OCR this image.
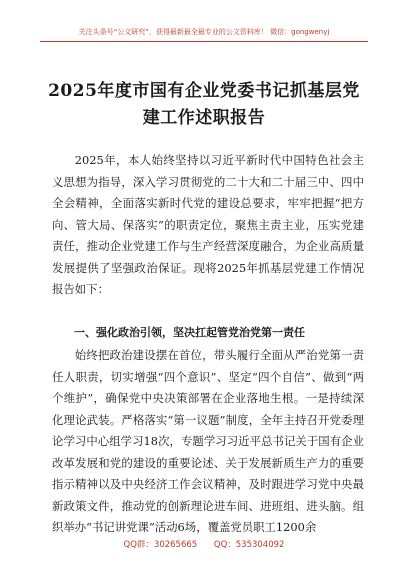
关注头条号“公文研究”，获得最新最全最专业的公文资料库！ 微信：gongwenyj
2025年度市国有企业党委书记抓基层党建工作述职报告
2025年，本人始终坚持以习近平新时代中国特色社会主义思想为指导，深入学习贯彻党的二十大和二十届三中、四中全会精神，全面落实新时代党的建设总要求，牢牢把握“把方向、管大局、保落实”的职责定位，聚焦主责主业，压实党建责任，推动企业党建工作与生产经营深度融合，为企业高质量发展提供了坚强政治保证。现将2025年抓基层党建工作情况报告如下：
一、强化政治引领，坚决扛起管党治党第一责任
始终把政治建设摆在首位，带头履行全面从严治党第一责任人职责，切实增强“四个意识”、坚定“四个自信”、做到“两个维护”，确保党中央决策部署在企业落地生根。一是持续深化理论武装。严格落实“第一议题”制度，全年主持召开党委理论学习中心组学习18次，专题学习习近平总书记关于国有企业改革发展和党的建设的重要论述、关于发展新质生产力的重要指示精神以及中央经济工作会议精神，及时跟进学习党中央最新政策文件，推动党的创新理论进车间、进班组、进头脑。组织举办“书记讲党课”活动6场，覆盖党员职工1200余
QQ群：30265665 QQ：535304092
